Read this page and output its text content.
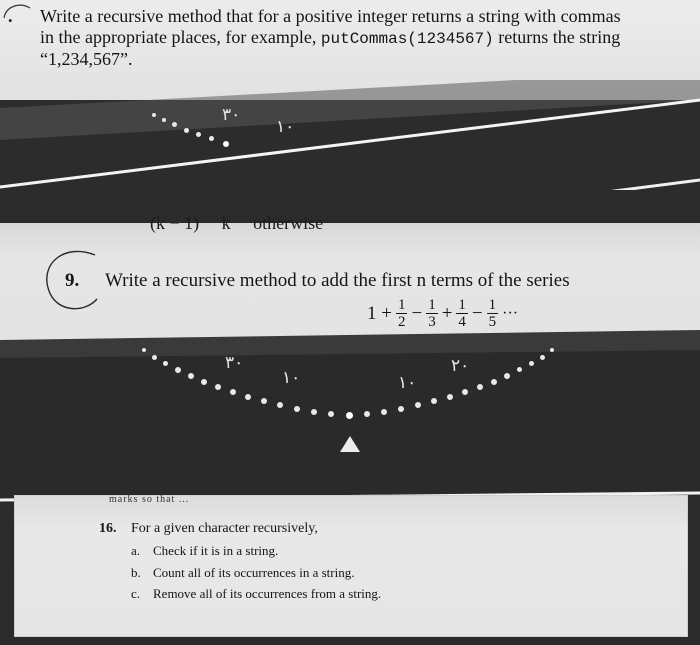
. Write a recursive method that for a positive integer returns a string with commas
in the appropriate places, for example, putCommas(1234567) returns the string
“1,234,567”.
٣٠
١٠
(k − 1)     k     otherwise
9. Write a recursive method to add the first n terms of the series
$1 + \frac{1}{2} - \frac{1}{3} + \frac{1}{4} - \frac{1}{5}$ ···
٣٠
١٠	١٠
٢٠
marks so that ...
16. For a given character recursively,
a. Check if it is in a string.
b. Count all of its occurrences in a string.
c. Remove all of its occurrences from a string.
